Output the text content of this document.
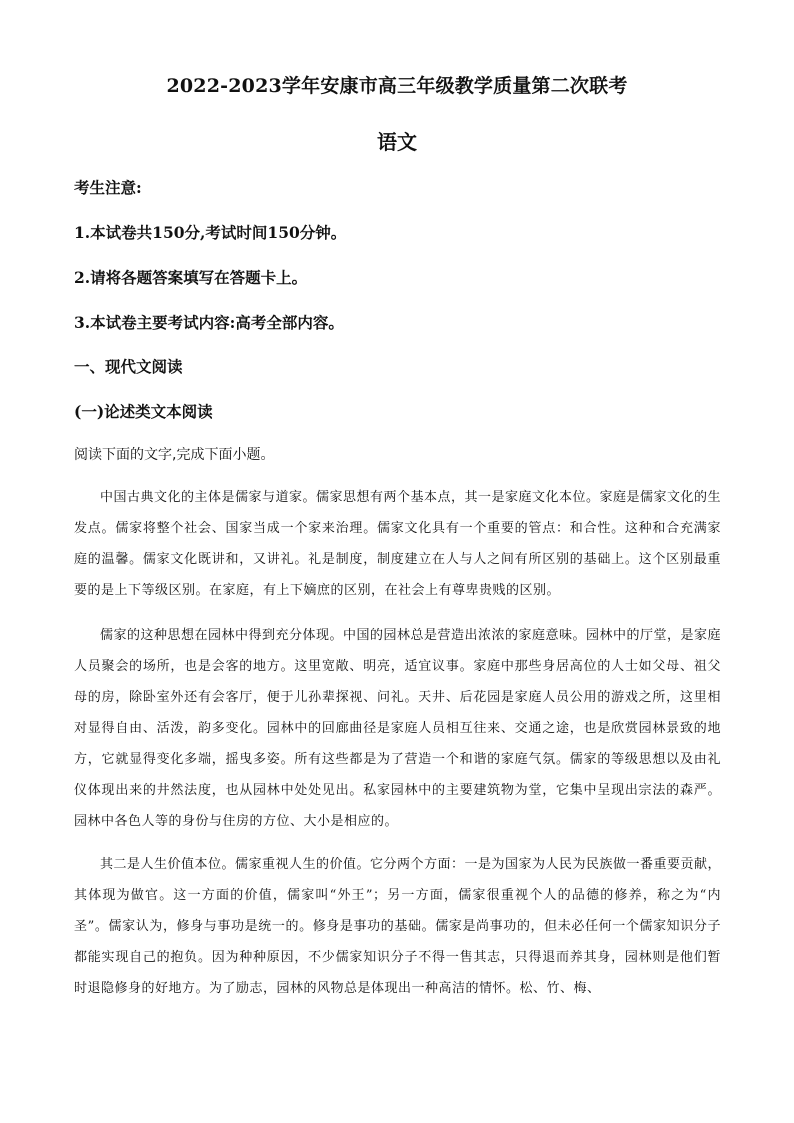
2022-2023学年安康市高三年级教学质量第二次联考
语文
考生注意:
1.本试卷共150分,考试时间150分钟。
2.请将各题答案填写在答题卡上。
3.本试卷主要考试内容:高考全部内容。
一、现代文阅读
(一)论述类文本阅读
阅读下面的文字,完成下面小题。

中国古典文化的主体是儒家与道家。儒家思想有两个基本点，其一是家庭文化本位。家庭是儒家文化的生发点。儒家将整个社会、国家当成一个家来治理。儒家文化具有一个重要的管点：和合性。这种和合充满家庭的温馨。儒家文化既讲和，又讲礼。礼是制度，制度建立在人与人之间有所区别的基础上。这个区别最重要的是上下等级区别。在家庭，有上下嫡庶的区别，在社会上有尊卑贵贱的区别。

儒家的这种思想在园林中得到充分体现。中国的园林总是营造出浓浓的家庭意味。园林中的厅堂，是家庭人员聚会的场所，也是会客的地方。这里宽敞、明亮，适宜议事。家庭中那些身居高位的人士如父母、祖父母的房，除卧室外还有会客厅，便于儿孙辈探视、问礼。天井、后花园是家庭人员公用的游戏之所，这里相对显得自由、活泼，韵多变化。园林中的回廊曲径是家庭人员相互往来、交通之途，也是欣赏园林景致的地方，它就显得变化多端，摇曳多姿。所有这些都是为了营造一个和谐的家庭气氛。儒家的等级思想以及由礼仪体现出来的井然法度，也从园林中处处见出。私家园林中的主要建筑物为堂，它集中呈现出宗法的森严。园林中各色人等的身份与住房的方位、大小是相应的。

其二是人生价值本位。儒家重视人生的价值。它分两个方面：一是为国家为人民为民族做一番重要贡献，其体现为做官。这一方面的价值，儒家叫“外王”；另一方面，儒家很重视个人的品德的修养，称之为“内圣”。儒家认为，修身与事功是统一的。修身是事功的基础。儒家是尚事功的，但未必任何一个儒家知识分子都能实现自己的抱负。因为种种原因，不少儒家知识分子不得一售其志，只得退而养其身，园林则是他们暂时退隐修身的好地方。为了励志，园林的风物总是体现出一种高洁的情怀。松、竹、梅、
